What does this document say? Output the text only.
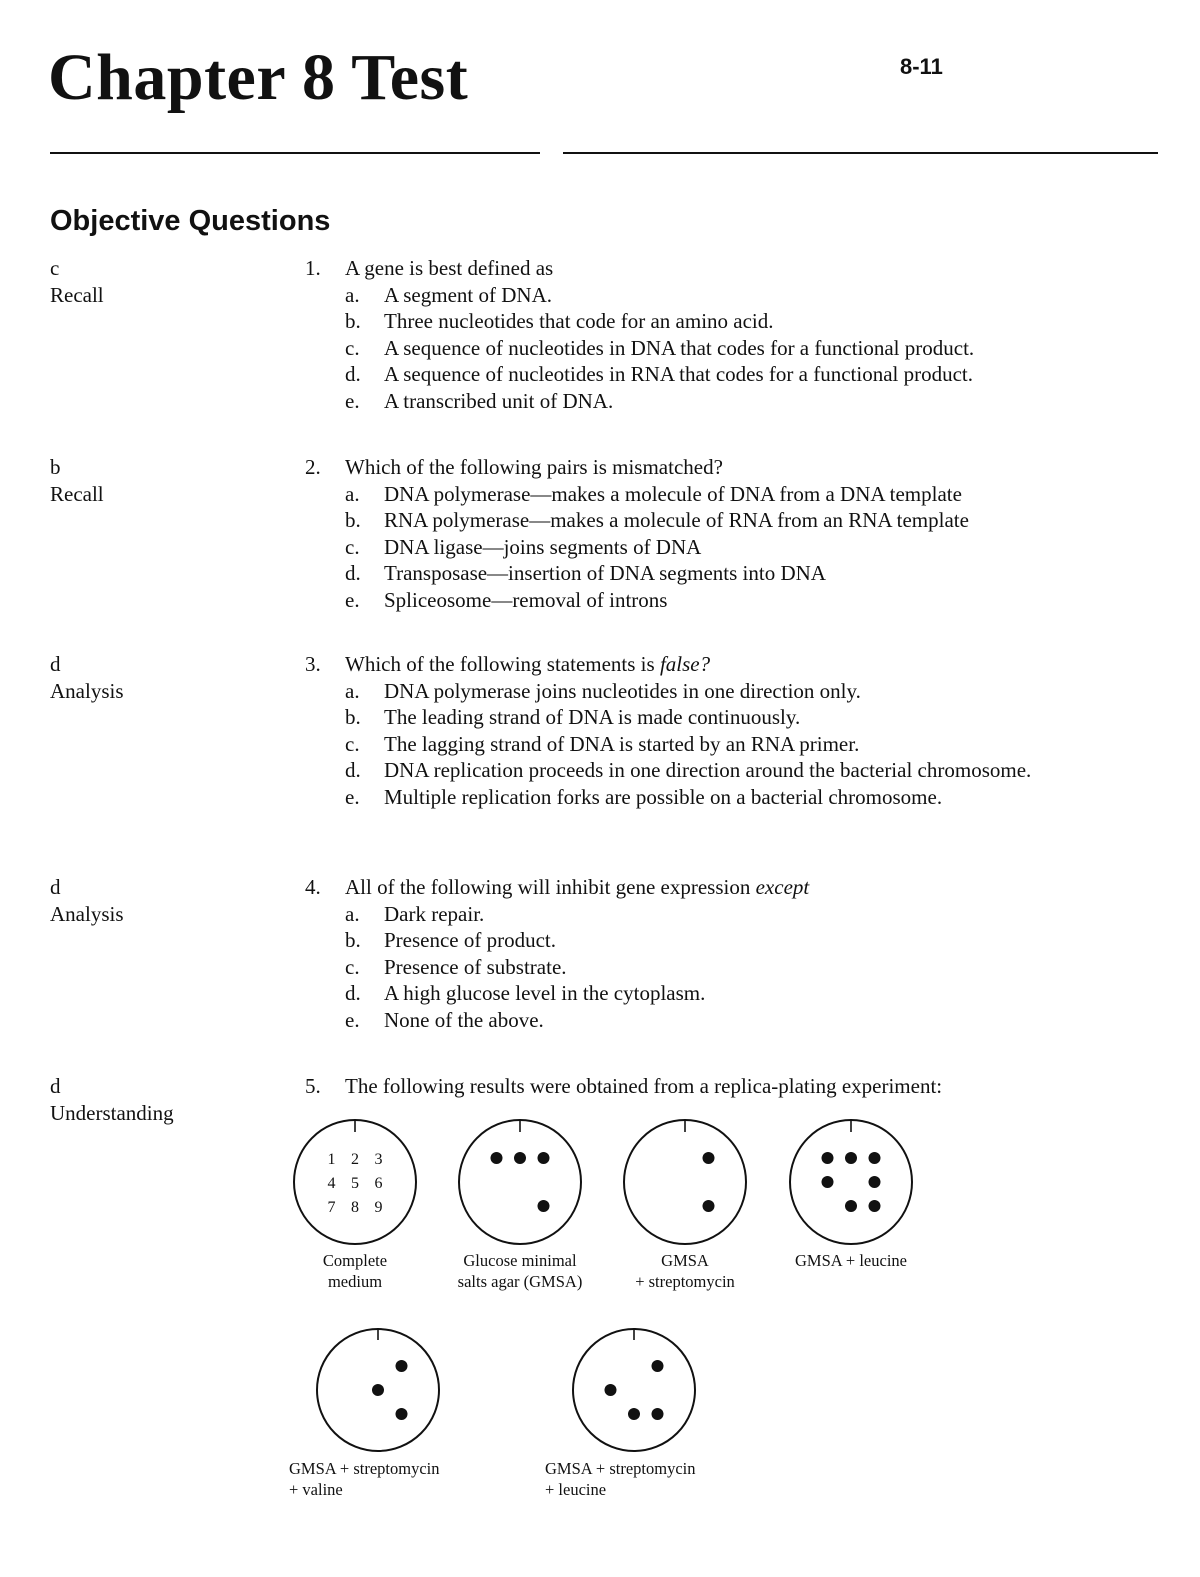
Chapter 8 Test	8-11
Objective Questions
c
Recall
1. A gene is best defined as
a. A segment of DNA.
b. Three nucleotides that code for an amino acid.
c. A sequence of nucleotides in DNA that codes for a functional product.
d. A sequence of nucleotides in RNA that codes for a functional product.
e. A transcribed unit of DNA.
b
Recall
2. Which of the following pairs is mismatched?
a. DNA polymerase—makes a molecule of DNA from a DNA template
b. RNA polymerase—makes a molecule of RNA from an RNA template
c. DNA ligase—joins segments of DNA
d. Transposase—insertion of DNA segments into DNA
e. Spliceosome—removal of introns
d
Analysis
3. Which of the following statements is false?
a. DNA polymerase joins nucleotides in one direction only.
b. The leading strand of DNA is made continuously.
c. The lagging strand of DNA is started by an RNA primer.
d. DNA replication proceeds in one direction around the bacterial chromosome.
e. Multiple replication forks are possible on a bacterial chromosome.
d
Analysis
4. All of the following will inhibit gene expression except
a. Dark repair.
b. Presence of product.
c. Presence of substrate.
d. A high glucose level in the cytoplasm.
e. None of the above.
d
Understanding
5. The following results were obtained from a replica-plating experiment:
1 2 3
4 5 6
7 8 9
Complete
medium
Glucose minimal
salts agar (GMSA)
GMSA
+ streptomycin
GMSA + leucine
GMSA + streptomycin
+ valine
GMSA + streptomycin
+ leucine
